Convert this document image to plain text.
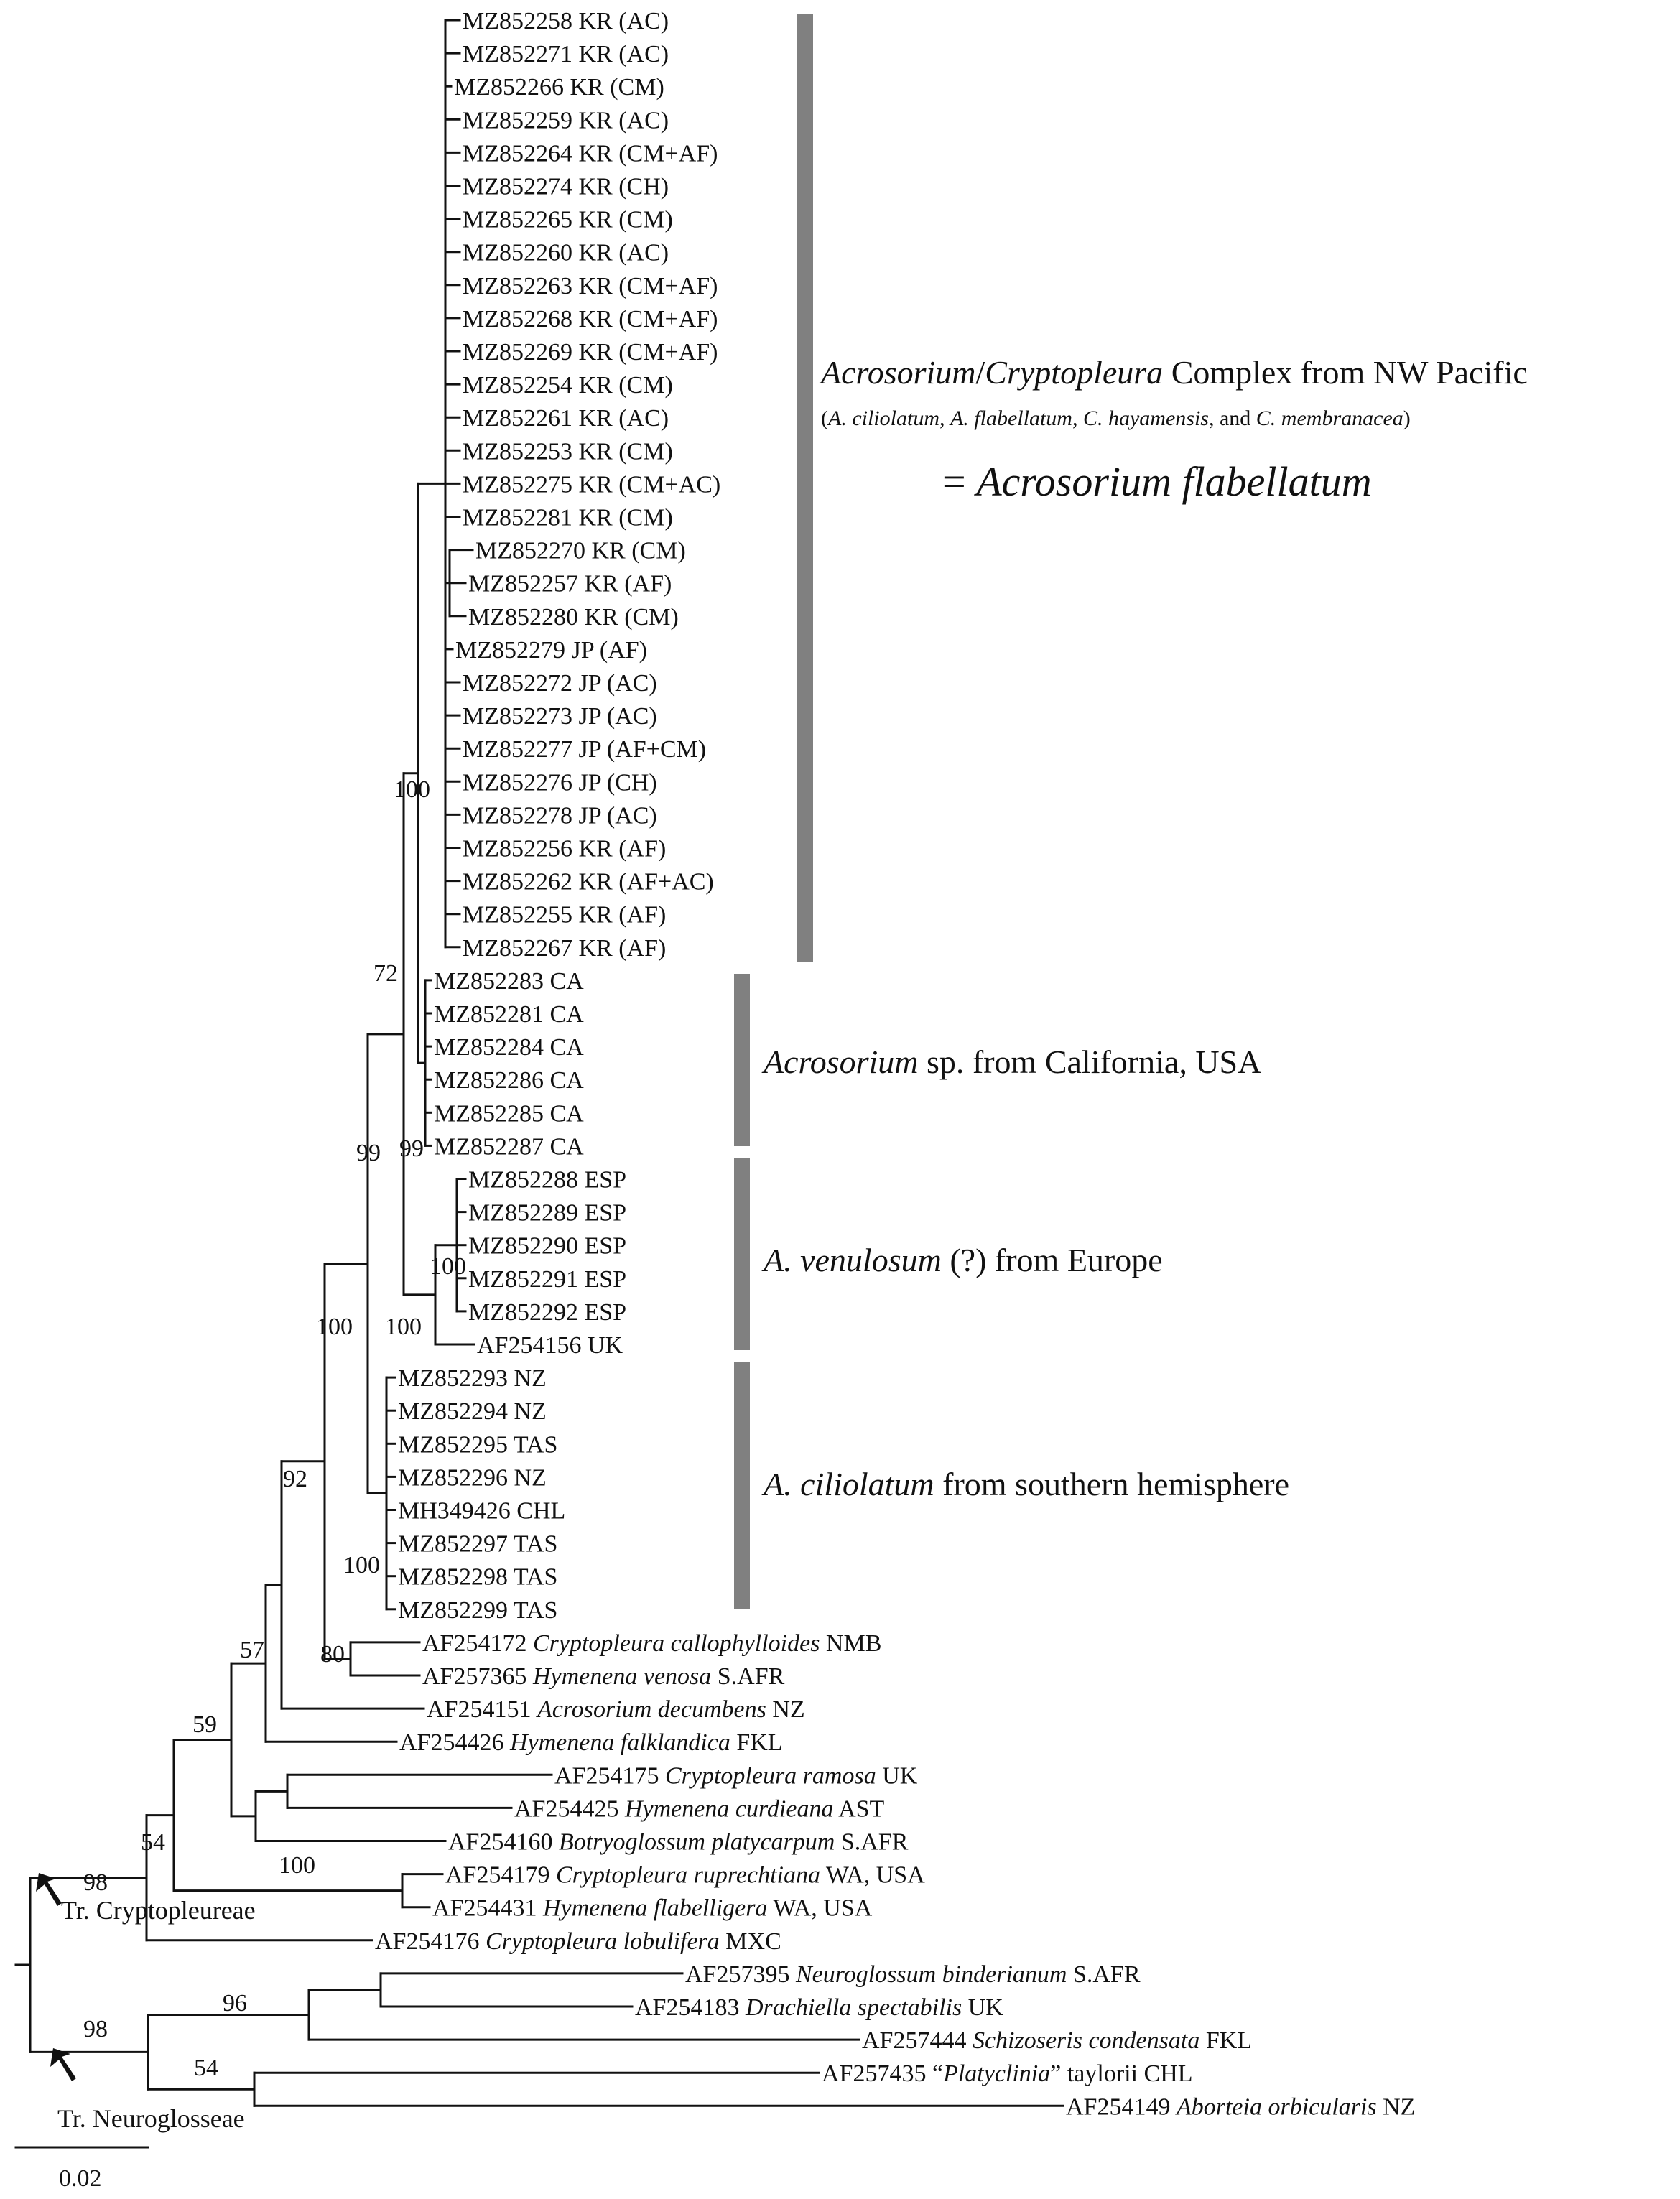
MZ852258 KR (AC)
MZ852271 KR (AC)
MZ852266 KR (CM)
MZ852259 KR (AC)
MZ852264 KR (CM+AF)
MZ852274 KR (CH)
MZ852265 KR (CM)
MZ852260 KR (AC)
MZ852263 KR (CM+AF)
MZ852268 KR (CM+AF)
MZ852269 KR (CM+AF)
MZ852254 KR (CM)
MZ852261 KR (AC)
MZ852253 KR (CM)
MZ852275 KR (CM+AC)
MZ852281 KR (CM)
MZ852270 KR (CM)
MZ852257 KR (AF)
MZ852280 KR (CM)
MZ852279 JP (AF)
MZ852272 JP (AC)
MZ852273 JP (AC)
MZ852277 JP (AF+CM)
MZ852276 JP (CH)
MZ852278 JP (AC)
MZ852256 KR (AF)
MZ852262 KR (AF+AC)
MZ852255 KR (AF)
MZ852267 KR (AF)
MZ852283 CA
MZ852281 CA
MZ852284 CA
MZ852286 CA
MZ852285 CA
MZ852287 CA
MZ852288 ESP
MZ852289 ESP
MZ852290 ESP
MZ852291 ESP
MZ852292 ESP
AF254156 UK
MZ852293 NZ
MZ852294 NZ
MZ852295 TAS
MZ852296 NZ
MH349426 CHL
MZ852297 TAS
MZ852298 TAS
MZ852299 TAS
AF254172 Cryptopleura callophylloides NMB
AF257365 Hymenena venosa S.AFR
AF254151 Acrosorium decumbens NZ
AF254426 Hymenena falklandica FKL
AF254175 Cryptopleura ramosa UK
AF254425 Hymenena curdieana AST
AF254160 Botryoglossum platycarpum S.AFR
AF254179 Cryptopleura ruprechtiana WA, USA
AF254431 Hymenena flabelligera WA, USA
AF254176 Cryptopleura lobulifera MXC
AF257395 Neuroglossum binderianum S.AFR
AF254183 Drachiella spectabilis UK
AF257444 Schizoseris condensata FKL
AF257435 “Platyclinia” taylorii CHL
AF254149 Aborteia orbicularis NZ
100
72
99
99
100
100
100
100
92
80
57
59
54
98
100
98
96
54
Acrosorium/Cryptopleura Complex from NW Pacific
(A. ciliolatum, A. flabellatum, C. hayamensis, and C. membranacea)
= Acrosorium flabellatum
Acrosorium sp. from California, USA
A. venulosum (?) from Europe
A. ciliolatum from southern hemisphere
Tr. Cryptopleureae
Tr. Neuroglosseae
0.02
